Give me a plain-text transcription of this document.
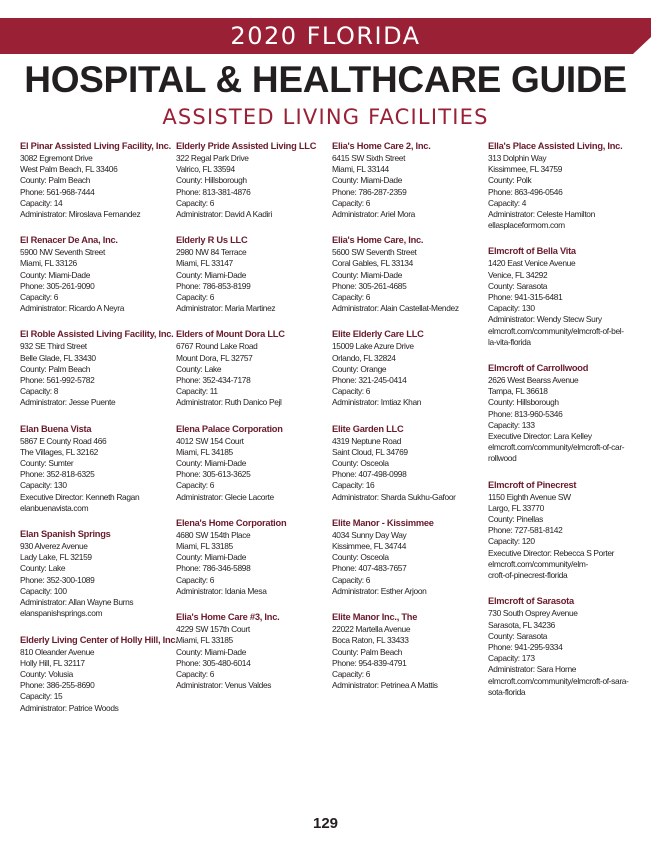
2020 FLORIDA
HOSPITAL & HEALTHCARE GUIDE
ASSISTED LIVING FACILITIES
El Pinar Assisted Living Facility, Inc.
3082 Egremont Drive
West Palm Beach, FL 33406
County: Palm Beach
Phone: 561-968-7444
Capacity: 14
Administrator: Miroslava Fernandez
El Renacer De Ana, Inc.
5900 NW Seventh Street
Miami, FL 33126
County: Miami-Dade
Phone: 305-261-9090
Capacity: 6
Administrator: Ricardo A Neyra
El Roble Assisted Living Facility, Inc.
932 SE Third Street
Belle Glade, FL 33430
County: Palm Beach
Phone: 561-992-5782
Capacity: 8
Administrator: Jesse Puente
Elan Buena Vista
5867 E County Road 466
The Villages, FL 32162
County: Sumter
Phone: 352-818-6325
Capacity: 130
Executive Director: Kenneth Ragan
elanbuenavista.com
Elan Spanish Springs
930 Alverez Avenue
Lady Lake, FL 32159
County: Lake
Phone: 352-300-1089
Capacity: 100
Administrator: Allan Wayne Burns
elanspanishsprings.com
Elderly Living Center of Holly Hill, Inc.
810 Oleander Avenue
Holly Hill, FL 32117
County: Volusia
Phone: 386-255-8690
Capacity: 15
Administrator: Patrice Woods
Elderly Pride Assisted Living LLC
322 Regal Park Drive
Valrico, FL 33594
County: Hillsborough
Phone: 813-381-4876
Capacity: 6
Administrator: David A Kadiri
Elderly R Us LLC
2980 NW 84 Terrace
Miami, FL 33147
County: Miami-Dade
Phone: 786-853-8199
Capacity: 6
Administrator: Maria Martinez
Elders of Mount Dora LLC
6767 Round Lake Road
Mount Dora, FL 32757
County: Lake
Phone: 352-434-7178
Capacity: 11
Administrator: Ruth Danico Pejl
Elena Palace Corporation
4012 SW 154 Court
Miami, FL 34185
County: Miami-Dade
Phone: 305-613-3625
Capacity: 6
Administrator: Glecie Lacorte
Elena's Home Corporation
4680 SW 154th Place
Miami, FL 33185
County: Miami-Dade
Phone: 786-346-5898
Capacity: 6
Administrator: Idania Mesa
Elia's Home Care #3, Inc.
4229 SW 157th Court
Miami, FL 33185
County: Miami-Dade
Phone: 305-480-6014
Capacity: 6
Administrator: Venus Valdes
Elia's Home Care 2, Inc.
6415 SW Sixth Street
Miami, FL 33144
County: Miami-Dade
Phone: 786-287-2359
Capacity: 6
Administrator: Ariel Mora
Elia's Home Care, Inc.
5600 SW Seventh Street
Coral Gables, FL 33134
County: Miami-Dade
Phone: 305-261-4685
Capacity: 6
Administrator: Alain Castellat-Mendez
Elite Elderly Care LLC
15009 Lake Azure Drive
Orlando, FL 32824
County: Orange
Phone: 321-245-0414
Capacity: 6
Administrator: Imtiaz Khan
Elite Garden LLC
4319 Neptune Road
Saint Cloud, FL 34769
County: Osceola
Phone: 407-498-0998
Capacity: 16
Administrator: Sharda Sukhu-Gafoor
Elite Manor - Kissimmee
4034 Sunny Day Way
Kissimmee, FL 34744
County: Osceola
Phone: 407-483-7657
Capacity: 6
Administrator: Esther Arjoon
Elite Manor Inc., The
22022 Martella Avenue
Boca Raton, FL 33433
County: Palm Beach
Phone: 954-839-4791
Capacity: 6
Administrator: Petrinea A Mattis
Ella's Place Assisted Living, Inc.
313 Dolphin Way
Kissimmee, FL 34759
County: Polk
Phone: 863-496-0546
Capacity: 4
Administrator: Celeste Hamilton
ellasplaceformom.com
Elmcroft of Bella Vita
1420 East Venice Avenue
Venice, FL 34292
County: Sarasota
Phone: 941-315-6481
Capacity: 130
Administrator: Wendy Stecw Sury
elmcroft.com/community/elmcroft-of-bel-
la-vita-florida
Elmcroft of Carrollwood
2626 West Bearss Avenue
Tampa, FL 36618
County: Hillsborough
Phone: 813-960-5346
Capacity: 133
Executive Director: Lara Kelley
elmcroft.com/community/elmcroft-of-car-
rollwood
Elmcroft of Pinecrest
1150 Eighth Avenue SW
Largo, FL 33770
County: Pinellas
Phone: 727-581-8142
Capacity: 120
Executive Director: Rebecca S Porter
elmcroft.com/community/elm-
croft-of-pinecrest-florida
Elmcroft of Sarasota
730 South Osprey Avenue
Sarasota, FL 34236
County: Sarasota
Phone: 941-295-9334
Capacity: 173
Administrator: Sara Horne
elmcroft.com/community/elmcroft-of-sara-
sota-florida
129
